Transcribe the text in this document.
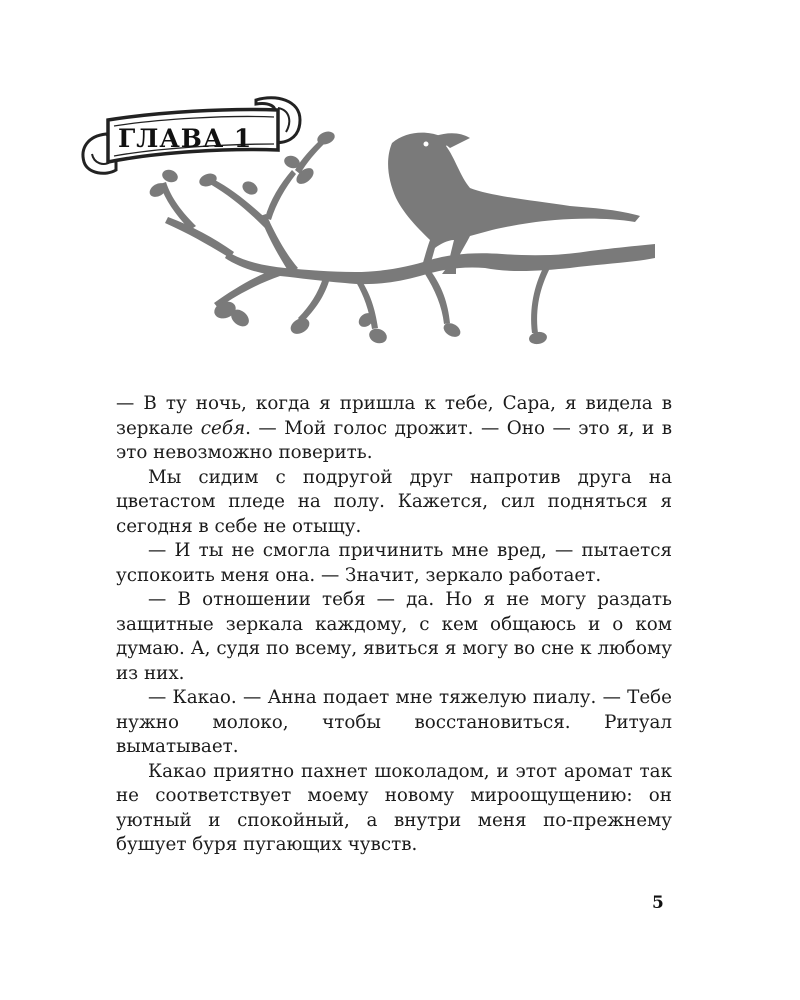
ГЛАВА 1

— В ту ночь, когда я пришла к тебе, Сара, я видела в зеркале себя. — Мой голос дрожит. — Оно — это я, и в это невозможно поверить.

Мы сидим с подругой друг напротив друга на цветастом пледе на полу. Кажется, сил подняться я сегодня в себе не отыщу.

— И ты не смогла причинить мне вред, — пытается успокоить меня она. — Значит, зеркало работает.

— В отношении тебя — да. Но я не могу раздать защитные зеркала каждому, с кем общаюсь и о ком думаю. А, судя по всему, явиться я могу во сне к любому из них.

— Какао. — Анна подает мне тяжелую пиалу. — Тебе нужно молоко, чтобы восстановиться. Ритуал выматывает.

Какао приятно пахнет шоколадом, и этот аромат так не соответствует моему новому мироощущению: он уютный и спокойный, а внутри меня по-прежнему бушует буря пугающих чувств.

5
